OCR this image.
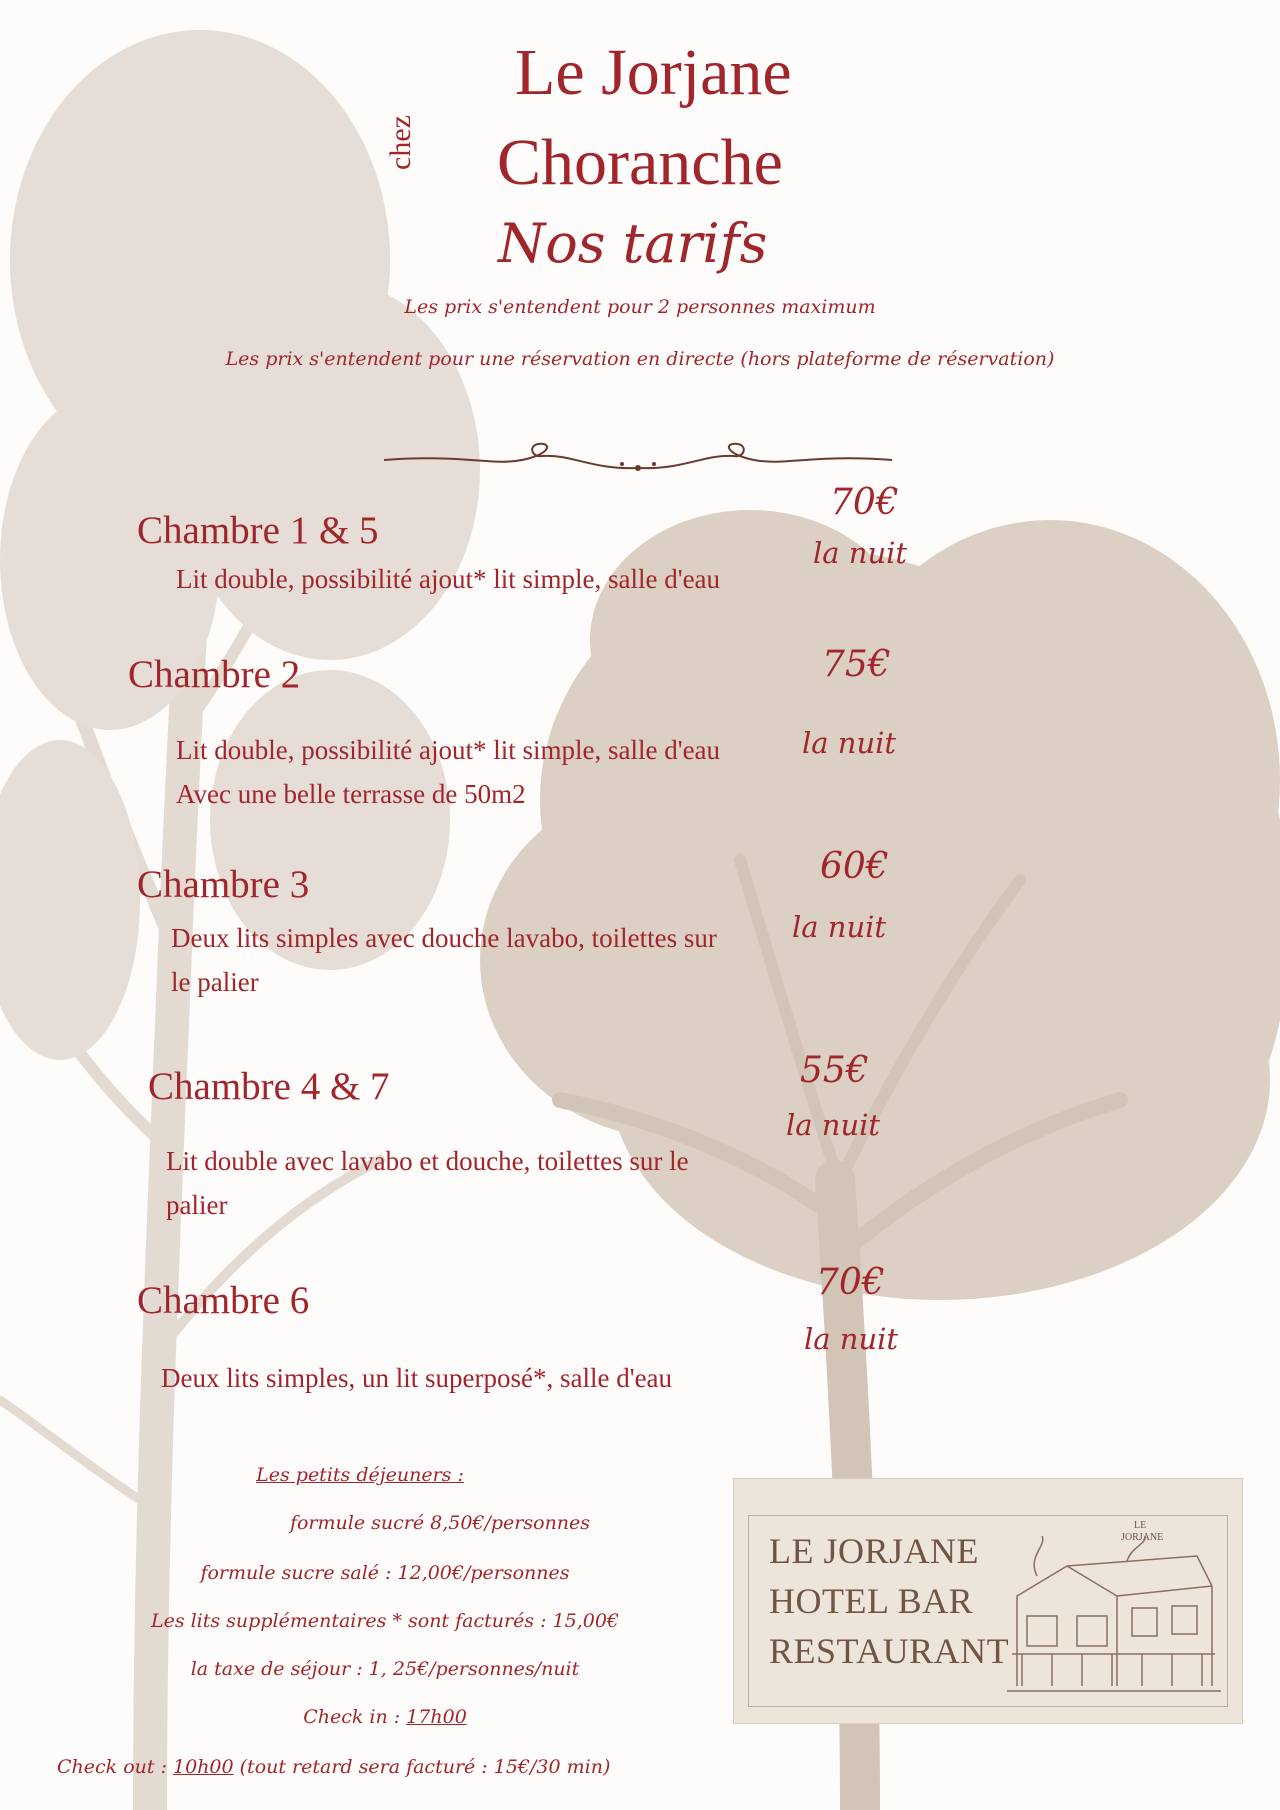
chez
Le Jorjane
Choranche
Nos tarifs
Les prix s'entendent pour 2 personnes maximum
Les prix s'entendent pour une réservation en directe (hors plateforme de réservation)
Chambre 1 & 5
Lit double, possibilité ajout* lit simple, salle d'eau
70€
la nuit
Chambre 2
Lit double, possibilité ajout* lit simple, salle d'eau Avec une belle terrasse de 50m2
75€
la nuit
Chambre 3
Deux lits simples avec douche lavabo, toilettes sur le palier
60€
la nuit
Chambre 4 & 7
Lit double avec lavabo et douche, toilettes sur le palier
55€
la nuit
Chambre 6
Deux lits simples, un lit superposé*, salle d'eau
70€
la nuit
Les petits déjeuners :
formule sucré 8,50€/personnes
formule sucre salé : 12,00€/personnes
Les lits supplémentaires * sont facturés : 15,00€
la taxe de séjour : 1, 25€/personnes/nuit
Check in : 17h00
Check out : 10h00 (tout retard sera facturé : 15€/30 min)
LE JORJANE
HOTEL BAR
RESTAURANT
LE
JORJANE
